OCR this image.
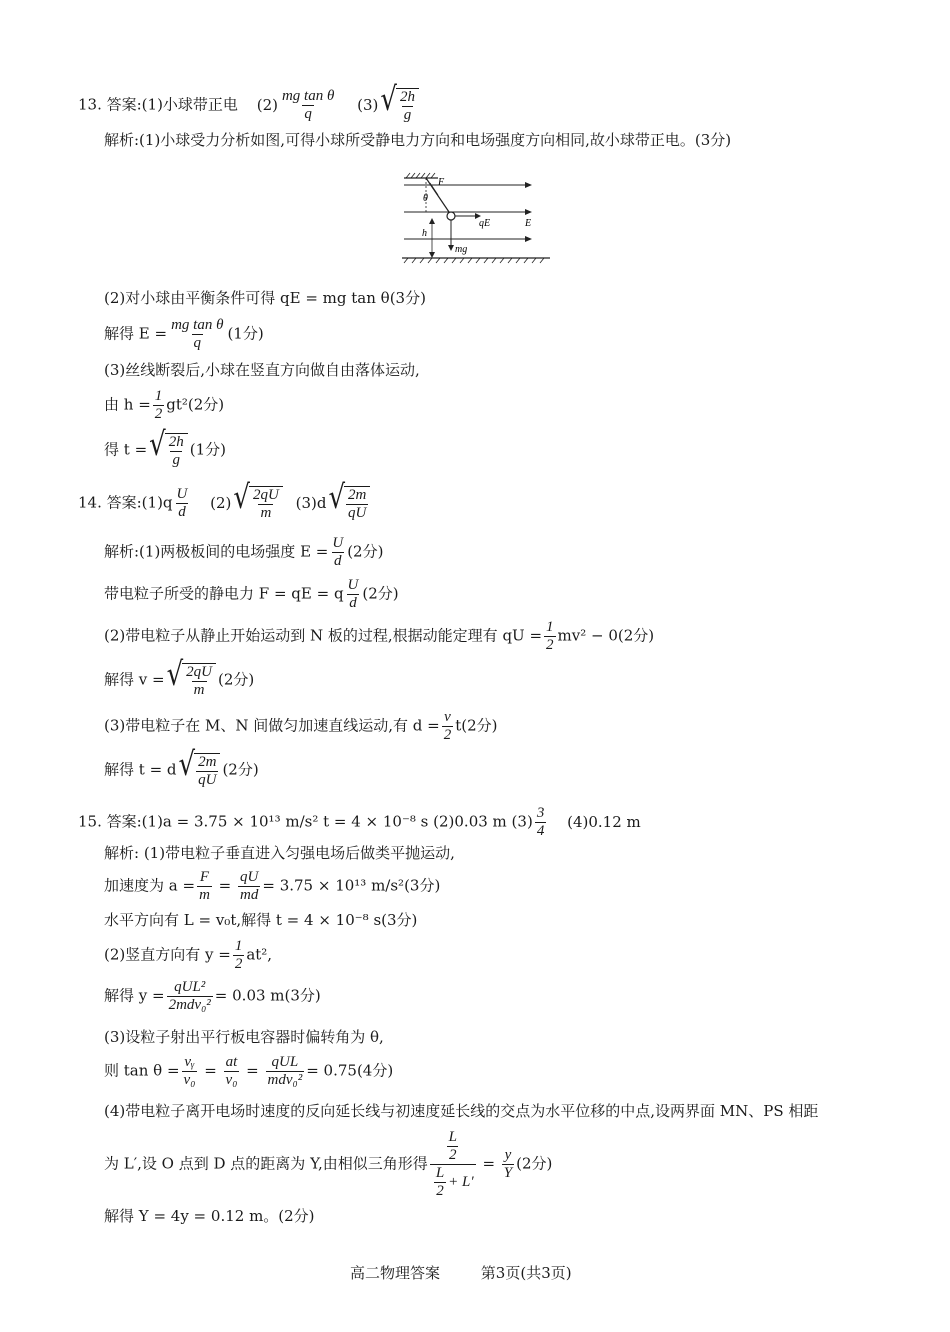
13. 答案:(1)小球带正电 $(2) \frac{\text{mg tan θ}}{q} (3)$ √ $\frac{2h}{g}$
解析:(1)小球受力分析如图,可得小球所受静电力方向和电场强度方向相同,故小球带正电。(3分)
F
θ
qE	E
h
mg
(2)对小球由平衡条件可得 qE = mg tan θ(3分)
解得 $E = \frac{\text{mg tan θ}}{q} (1$分)
(3)丝线断裂后,小球在竖直方向做自由落体运动,
由 $h = \frac{1}{2} gt^2(2$分)
得 t = √ $\frac{2h}{g} (1$分)
14. 答案:(1)q $\frac{U}{d} (2)$ √ $\frac{2qU}{m} (3)d$ √ $\frac{2m}{qU}$
解析:(1)两极板间的电场强度 $E = \frac{U}{d} (2$分)
带电粒子所受的静电力 F = qE = q $\frac{U}{d} (2$分)
(2)带电粒子从静止开始运动到 N 板的过程,根据动能定理有 qU = $\frac{1}{2} mv^2 - 0(2$分)
解得 v = √ $\frac{2qU}{m} (2$分)
(3)带电粒子在 M、N 间做匀加速直线运动,有 $d = \frac{v}{2} t(2$分)
解得 t = d √ $\frac{2m}{qU} (2$分)
15. 答案:(1)a = 3.75 × 10¹³ m/s² t = 4 × 10⁻⁸ s (2)0.03 m $(3) \frac{3}{4} (4)0.12$ m
解析: (1)带电粒子垂直进入匀强电场后做类平抛运动,
加速度为 $a = \frac{F}{m} = \frac{qU}{md} = 3.75 \times 10^{13}$ m/s²(3分)
水平方向有 L = v₀t,解得 t = 4 × 10⁻⁸ s(3分)
(2)竖直方向有 $y = \frac{1}{2} at^2$,
解得 $y = \frac{\text{qUL²}}{\text{2mdv₀²}} = 0.03$ m(3分)
(3)设粒子射出平行板电容器时偏转角为 θ,
则 $\tan \theta = \frac{\text{vᵧ}}{\text{v₀}} = \frac{at}{\text{v₀}} = \frac{\text{qUL}}{\text{mdv₀²}} = 0.75(4$分)
(4)带电粒子离开电场时速度的反向延长线与初速度延长线的交点为水平位移的中点,设两界面 MN、PS 相距
为 L′,设 O 点到 D 点的距离为 Y,由相似三角形得 $\frac{\frac{L}{2}}{\frac{L}{2} + L'} = \frac{y}{Y} (2$分)
解得 Y = 4y = 0.12 m。(2分)
高二物理答案	第3页(共3页)
